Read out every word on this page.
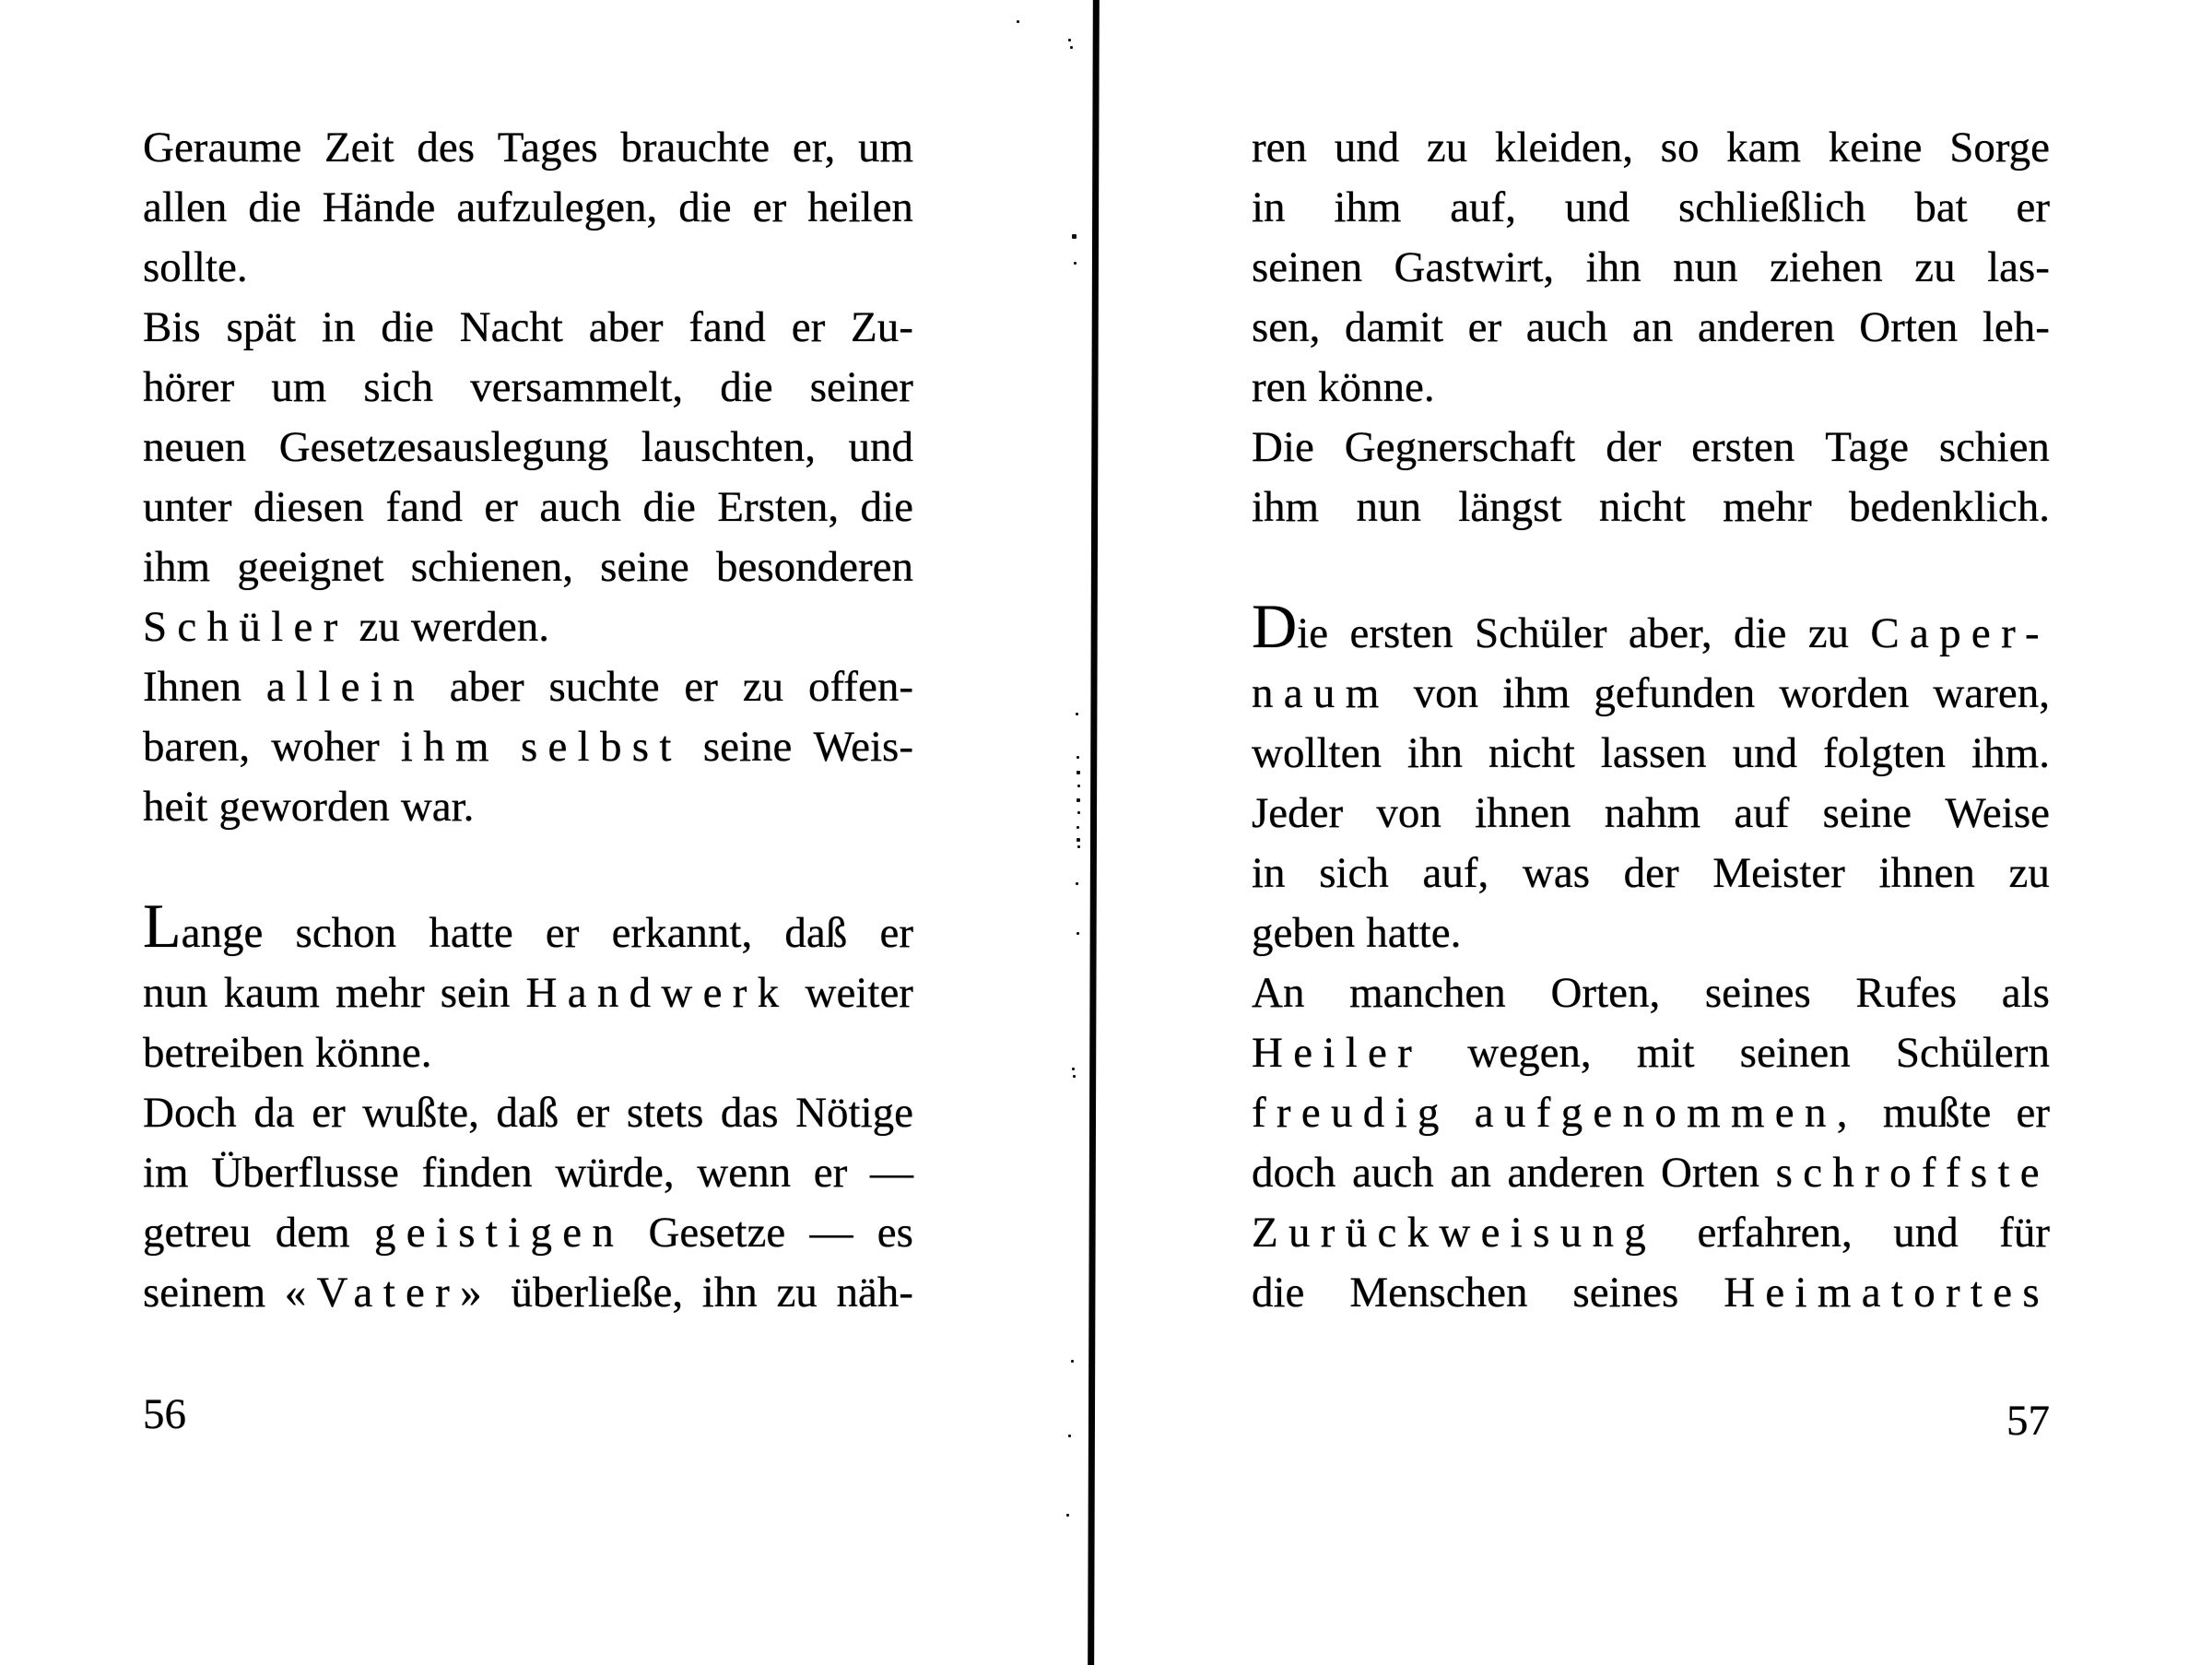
Geraume Zeit des Tages brauchte er, um
allen die Hände aufzulegen, die er heilen
sollte.
Bis spät in die Nacht aber fand er Zu-
hörer um sich versammelt, die seiner
neuen Gesetzesauslegung lauschten, und
unter diesen fand er auch die Ersten, die
ihm geeignet schienen, seine besonderen
Schüler zu werden.
Ihnen allein aber suchte er zu offen-
baren, woher ihm selbst seine Weis-
heit geworden war.
Lange schon hatte er erkannt, daß er
nun kaum mehr sein Handwerk weiter
betreiben könne.
Doch da er wußte, daß er stets das Nötige
im Überflusse finden würde, wenn er —
getreu dem geistigen Gesetze — es
seinem «Vater» überließe, ihn zu näh-
ren und zu kleiden, so kam keine Sorge
in ihm auf, und schließlich bat er
seinen Gastwirt, ihn nun ziehen zu las-
sen, damit er auch an anderen Orten leh-
ren könne.
Die Gegnerschaft der ersten Tage schien
ihm nun längst nicht mehr bedenklich.
Die ersten Schüler aber, die zu Caper-
naum von ihm gefunden worden waren,
wollten ihn nicht lassen und folgten ihm.
Jeder von ihnen nahm auf seine Weise
in sich auf, was der Meister ihnen zu
geben hatte.
An manchen Orten, seines Rufes als
Heiler wegen, mit seinen Schülern
freudig aufgenommen, mußte er
doch auch an anderen Orten schroffste
Zurückweisung erfahren, und für
die Menschen seines Heimatortes
56	57
